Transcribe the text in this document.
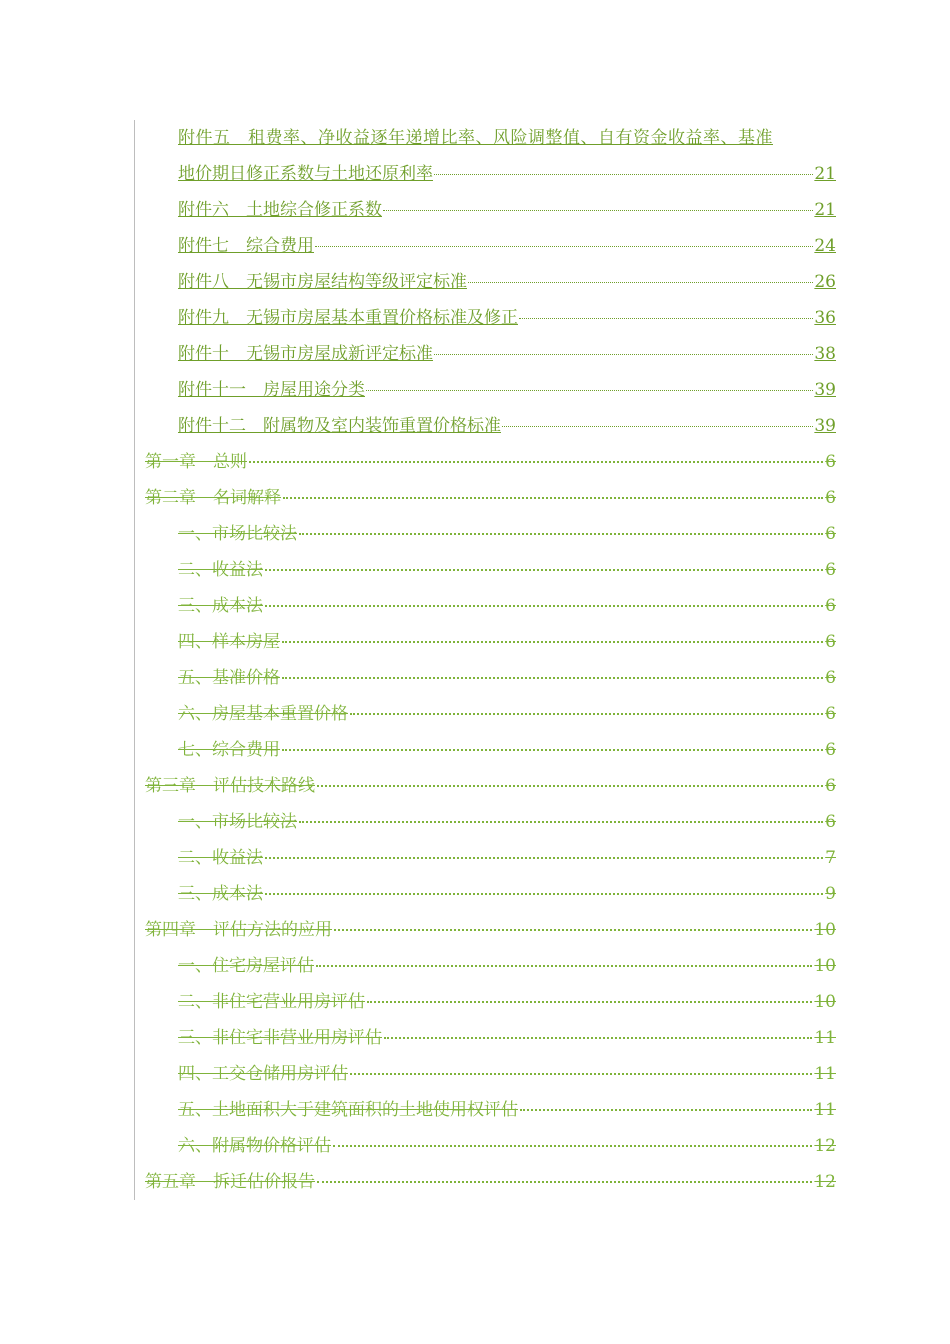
附件五　租费率、净收益逐年递增比率、风险调整值、自有资金收益率、基准
地价期日修正系数与土地还原利率	21
附件六　土地综合修正系数	21
附件七　综合费用	24
附件八　无锡市房屋结构等级评定标准	26
附件九　无锡市房屋基本重置价格标准及修正	36
附件十　无锡市房屋成新评定标准	38
附件十一　房屋用途分类	39
附件十二　附属物及室内装饰重置价格标准	39
第一章　总则	6
第二章　名词解释	6
一、市场比较法	6
二、收益法	6
三、成本法	6
四、样本房屋	6
五、基准价格	6
六、房屋基本重置价格	6
七、综合费用	6
第三章　评估技术路线	6
一、市场比较法	6
二、收益法	7
三、成本法	9
第四章　评估方法的应用	10
一、住宅房屋评估	10
二、非住宅营业用房评估	10
三、非住宅非营业用房评估	11
四、工交仓储用房评估	11
五、土地面积大于建筑面积的土地使用权评估	11
六、附属物价格评估	12
第五章　拆迁估价报告	12
